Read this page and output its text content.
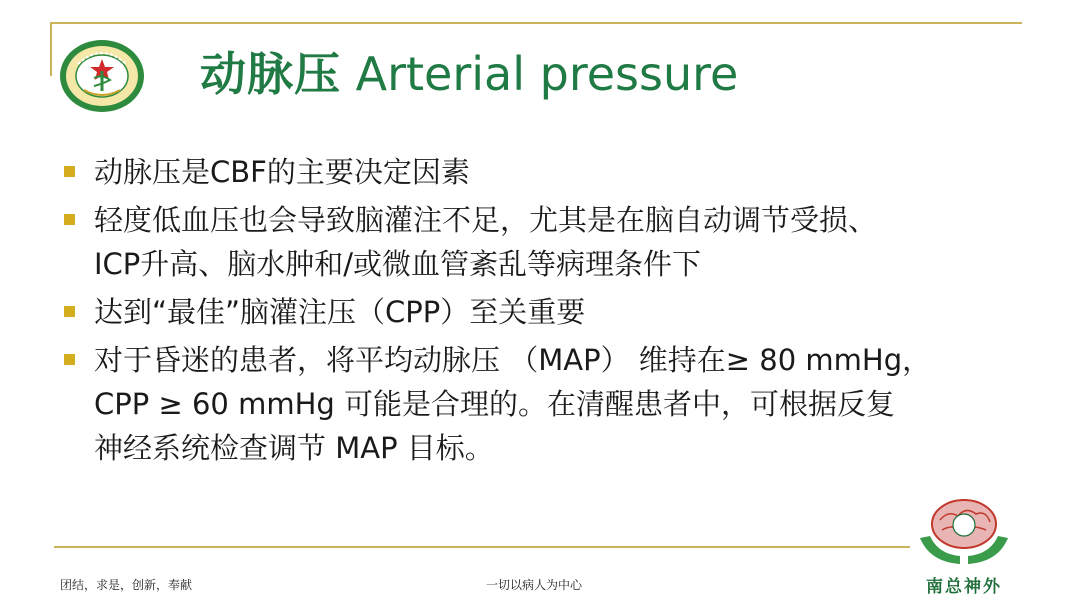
动脉压 Arterial pressure
动脉压是CBF的主要决定因素
轻度低血压也会导致脑灌注不足，尤其是在脑自动调节受损、
ICP升高、脑水肿和/或微血管紊乱等病理条件下
达到“最佳”脑灌注压（CPP）至关重要
对于昏迷的患者，将平均动脉压 （MAP） 维持在≥ 80 mmHg，
CPP ≥ 60 mmHg 可能是合理的。在清醒患者中，可根据反复
神经系统检查调节 MAP 目标。
团结，求是，创新，奉献	一切以病人为中心	南总神外
